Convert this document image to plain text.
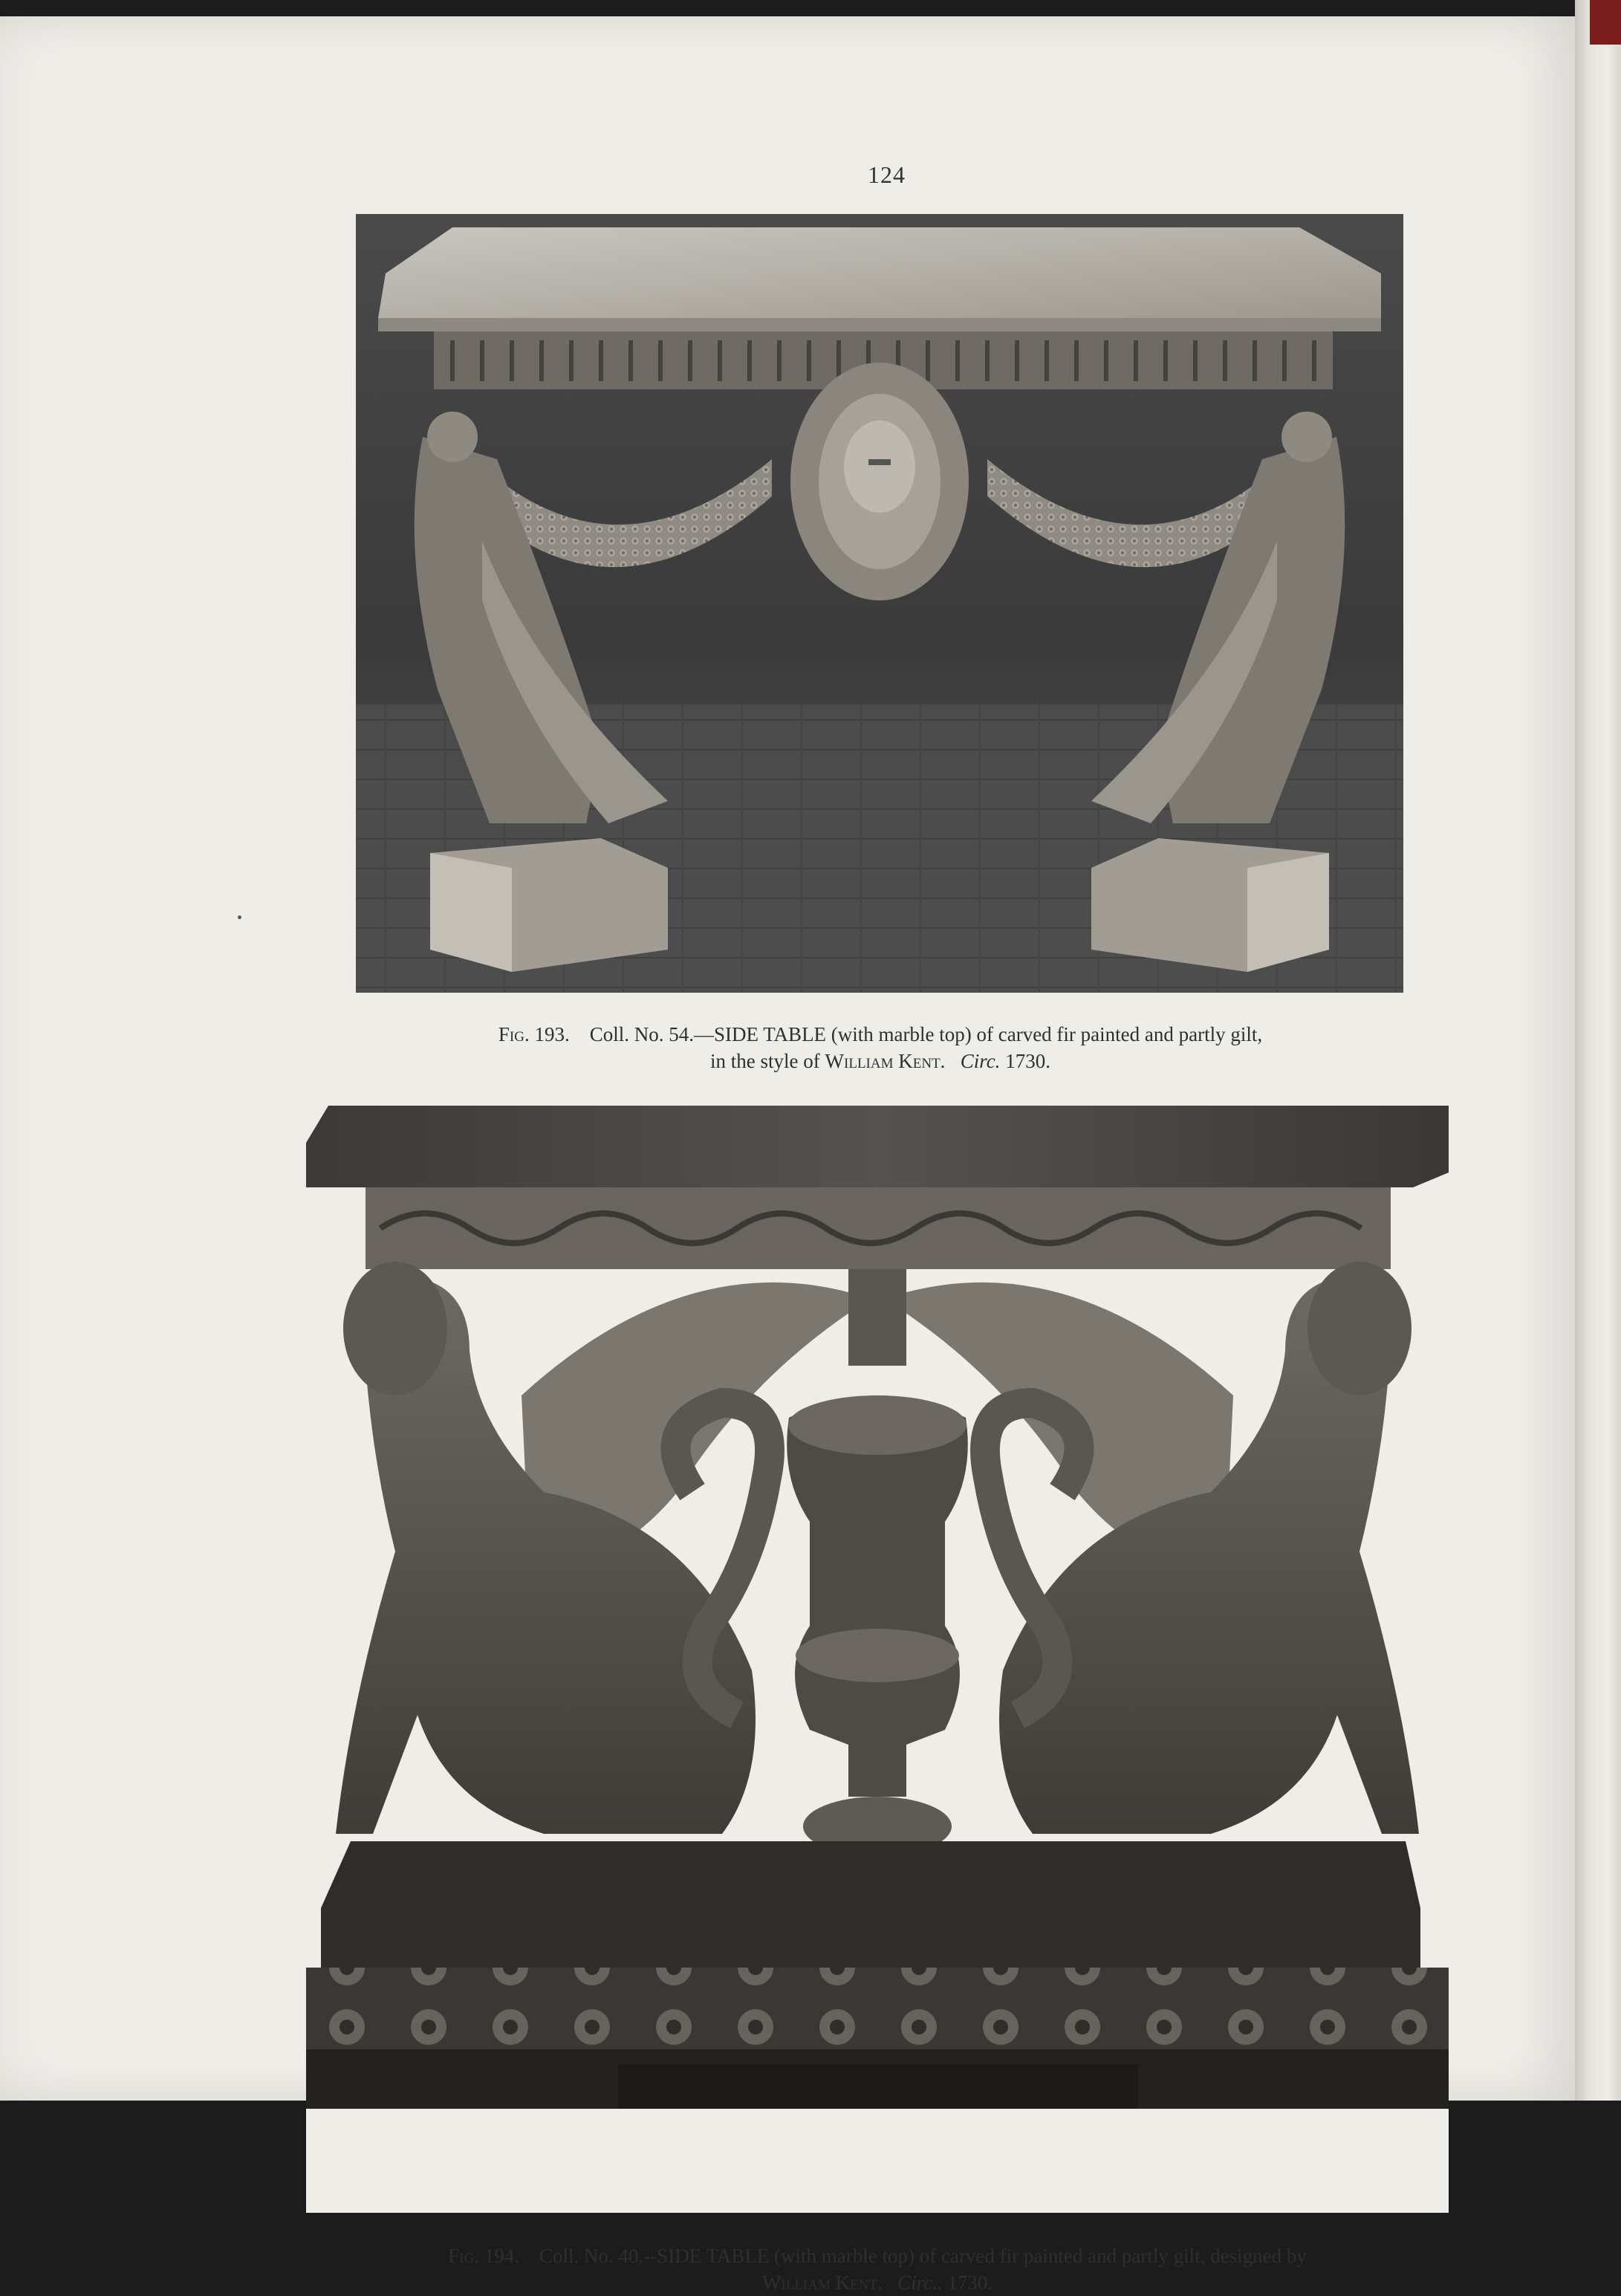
124
Fig. 193. Coll. No. 54.—SIDE TABLE (with marble top) of carved fir painted and partly gilt,
in the style of William Kent. Circ. 1730.
Fig. 194. Coll. No. 40.--SIDE TABLE (with marble top) of carved fir painted and partly gilt, designed by
William Kent. Circ.. 1730.
